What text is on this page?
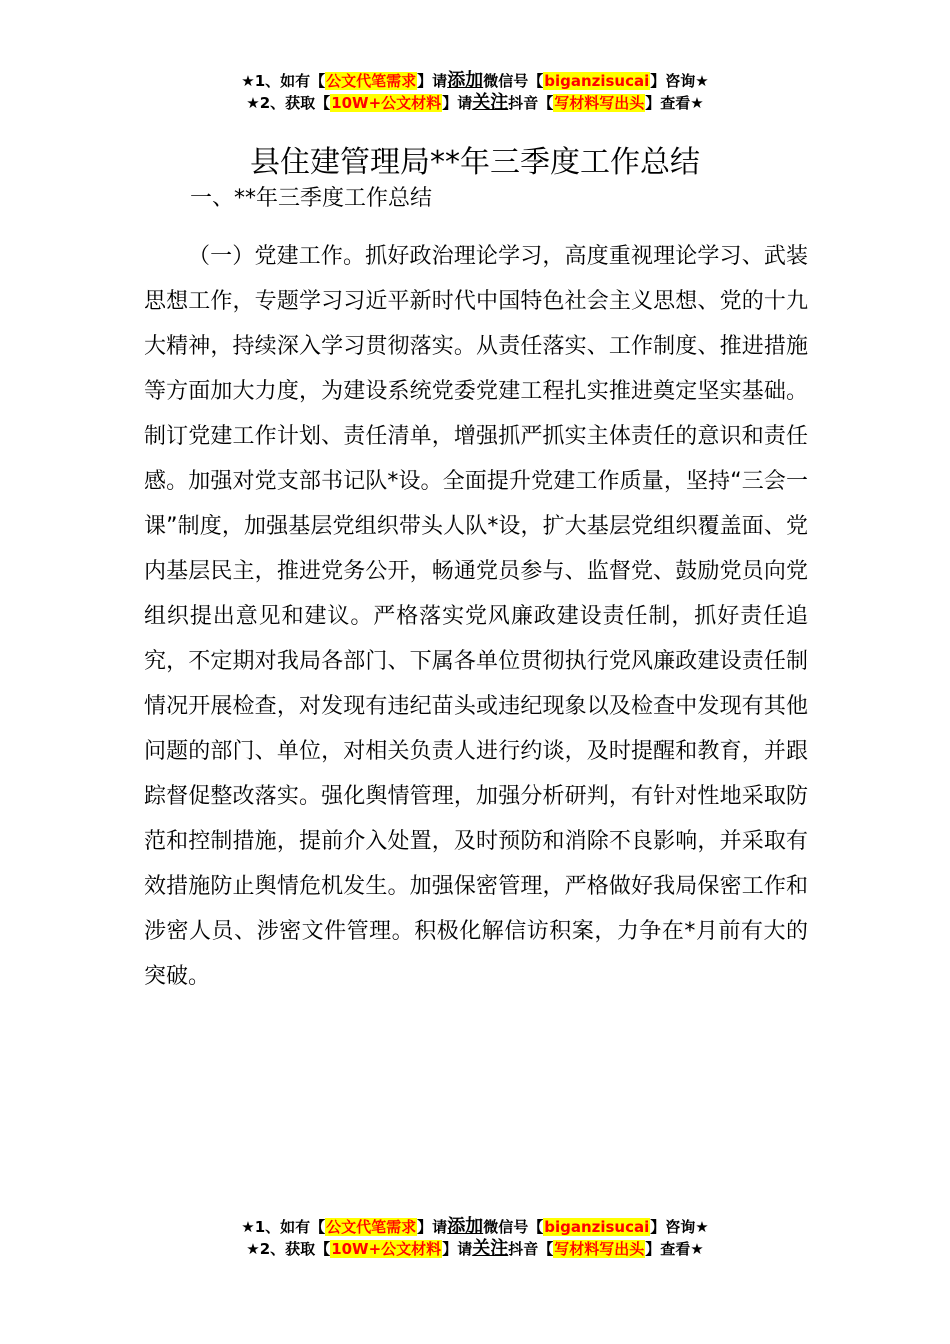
★1、如有【公文代笔需求】请添加微信号【biganzisucai】咨询★
★2、获取【10W+公文材料】请关注抖音【写材料写出头】查看★
县住建管理局**年三季度工作总结
一、**年三季度工作总结

（一）党建工作。抓好政治理论学习，高度重视理论学习、武装思想工作，专题学习习近平新时代中国特色社会主义思想、党的十九大精神，持续深入学习贯彻落实。从责任落实、工作制度、推进措施等方面加大力度，为建设系统党委党建工程扎实推进奠定坚实基础。制订党建工作计划、责任清单，增强抓严抓实主体责任的意识和责任感。加强对党支部书记队*设。全面提升党建工作质量，坚持“三会一课”制度，加强基层党组织带头人队*设，扩大基层党组织覆盖面、党内基层民主，推进党务公开，畅通党员参与、监督党、鼓励党员向党组织提出意见和建议。严格落实党风廉政建设责任制，抓好责任追究，不定期对我局各部门、下属各单位贯彻执行党风廉政建设责任制情况开展检查，对发现有违纪苗头或违纪现象以及检查中发现有其他问题的部门、单位，对相关负责人进行约谈，及时提醒和教育，并跟踪督促整改落实。强化舆情管理，加强分析研判，有针对性地采取防范和控制措施，提前介入处置，及时预防和消除不良影响，并采取有效措施防止舆情危机发生。加强保密管理，严格做好我局保密工作和涉密人员、涉密文件管理。积极化解信访积案，力争在*月前有大的突破。

★1、如有【公文代笔需求】请添加微信号【biganzisucai】咨询★
★2、获取【10W+公文材料】请关注抖音【写材料写出头】查看★
